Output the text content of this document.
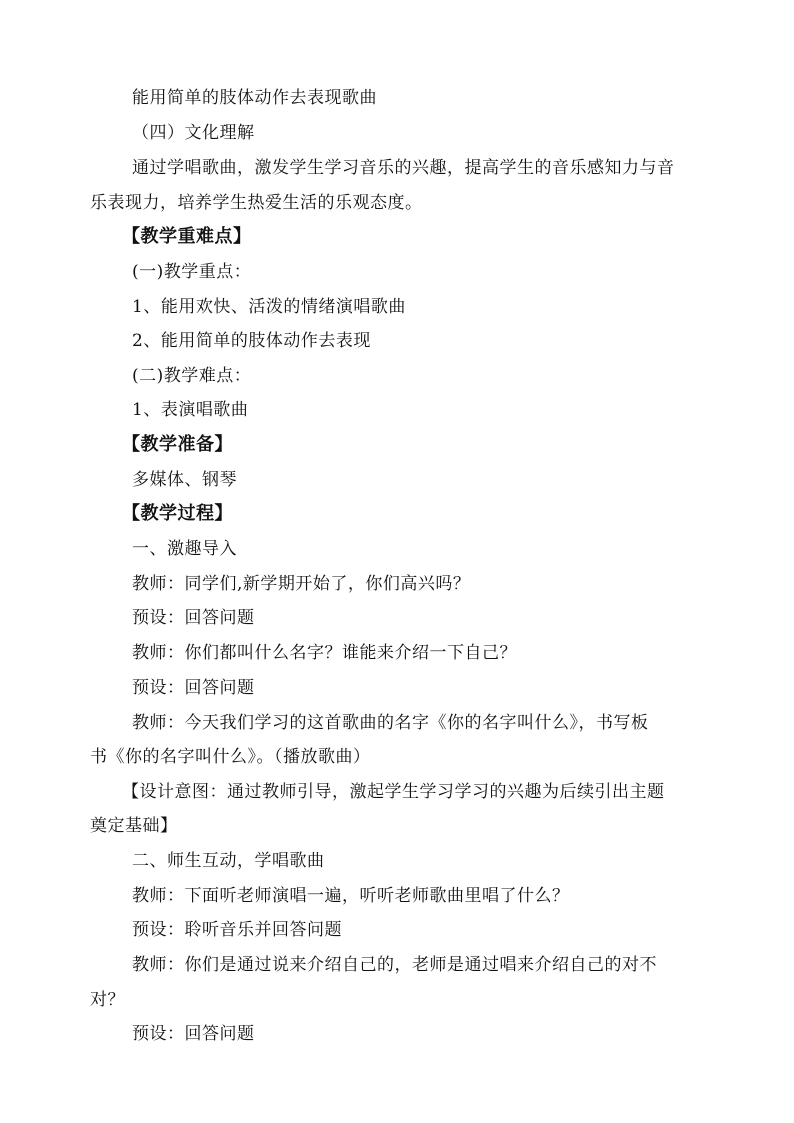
能用简单的肢体动作去表现歌曲
（四）文化理解
通过学唱歌曲，激发学生学习音乐的兴趣，提高学生的音乐感知力与音
乐表现力，培养学生热爱生活的乐观态度。
【教学重难点】
(一)教学重点：
1、能用欢快、活泼的情绪演唱歌曲
2、能用简单的肢体动作去表现
(二)教学难点：
1、表演唱歌曲
【教学准备】
多媒体、钢琴
【教学过程】
一、激趣导入
教师：同学们,新学期开始了，你们高兴吗？
预设：回答问题
教师：你们都叫什么名字？谁能来介绍一下自己？
预设：回答问题
教师：今天我们学习的这首歌曲的名字《你的名字叫什么》，书写板
书《你的名字叫什么》。（播放歌曲）
【设计意图：通过教师引导，激起学生学习学习的兴趣为后续引出主题
奠定基础】
二、师生互动，学唱歌曲
教师：下面听老师演唱一遍，听听老师歌曲里唱了什么？
预设：聆听音乐并回答问题
教师：你们是通过说来介绍自己的，老师是通过唱来介绍自己的对不
对？
预设：回答问题
